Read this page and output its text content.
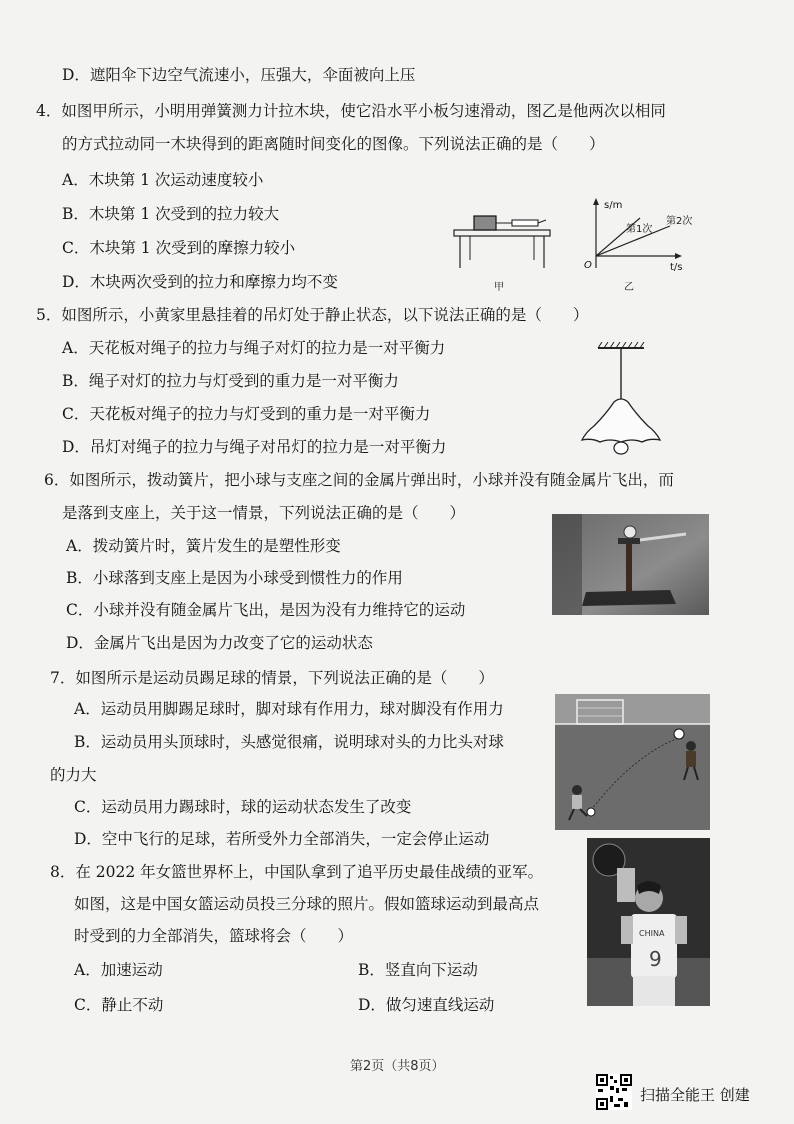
D．遮阳伞下边空气流速小，压强大，伞面被向上压
4．如图甲所示，小明用弹簧测力计拉木块，使它沿水平小板匀速滑动，图乙是他两次以相同
的方式拉动同一木块得到的距离随时间变化的图像。下列说法正确的是（　　）
A．木块第 1 次运动速度较小
B．木块第 1 次受到的拉力较大
C．木块第 1 次受到的摩擦力较小
D．木块两次受到的拉力和摩擦力均不变	甲
s/m
第1次
第2次
O	t/s
乙
5．如图所示，小黄家里悬挂着的吊灯处于静止状态，以下说法正确的是（　　）
A．天花板对绳子的拉力与绳子对灯的拉力是一对平衡力
B．绳子对灯的拉力与灯受到的重力是一对平衡力
C．天花板对绳子的拉力与灯受到的重力是一对平衡力
D．吊灯对绳子的拉力与绳子对吊灯的拉力是一对平衡力
6．如图所示，拨动簧片，把小球与支座之间的金属片弹出时，小球并没有随金属片飞出，而
是落到支座上，关于这一情景，下列说法正确的是（　　）
A．拨动簧片时，簧片发生的是塑性形变
B．小球落到支座上是因为小球受到惯性力的作用
C．小球并没有随金属片飞出，是因为没有力维持它的运动
D．金属片飞出是因为力改变了它的运动状态
7．如图所示是运动员踢足球的情景，下列说法正确的是（　　）
A．运动员用脚踢足球时，脚对球有作用力，球对脚没有作用力
B．运动员用头顶球时，头感觉很痛，说明球对头的力比头对球
的力大
C．运动员用力踢球时，球的运动状态发生了改变
D．空中飞行的足球，若所受外力全部消失，一定会停止运动
8．在 2022 年女篮世界杯上，中国队拿到了追平历史最佳战绩的亚军。
如图，这是中国女篮运动员投三分球的照片。假如篮球运动到最高点
时受到的力全部消失，篮球将会（　　）
A．加速运动	B．竖直向下运动
C．静止不动	D．做匀速直线运动
CHINA
9
第2页（共8页）
扫描全能王 创建
